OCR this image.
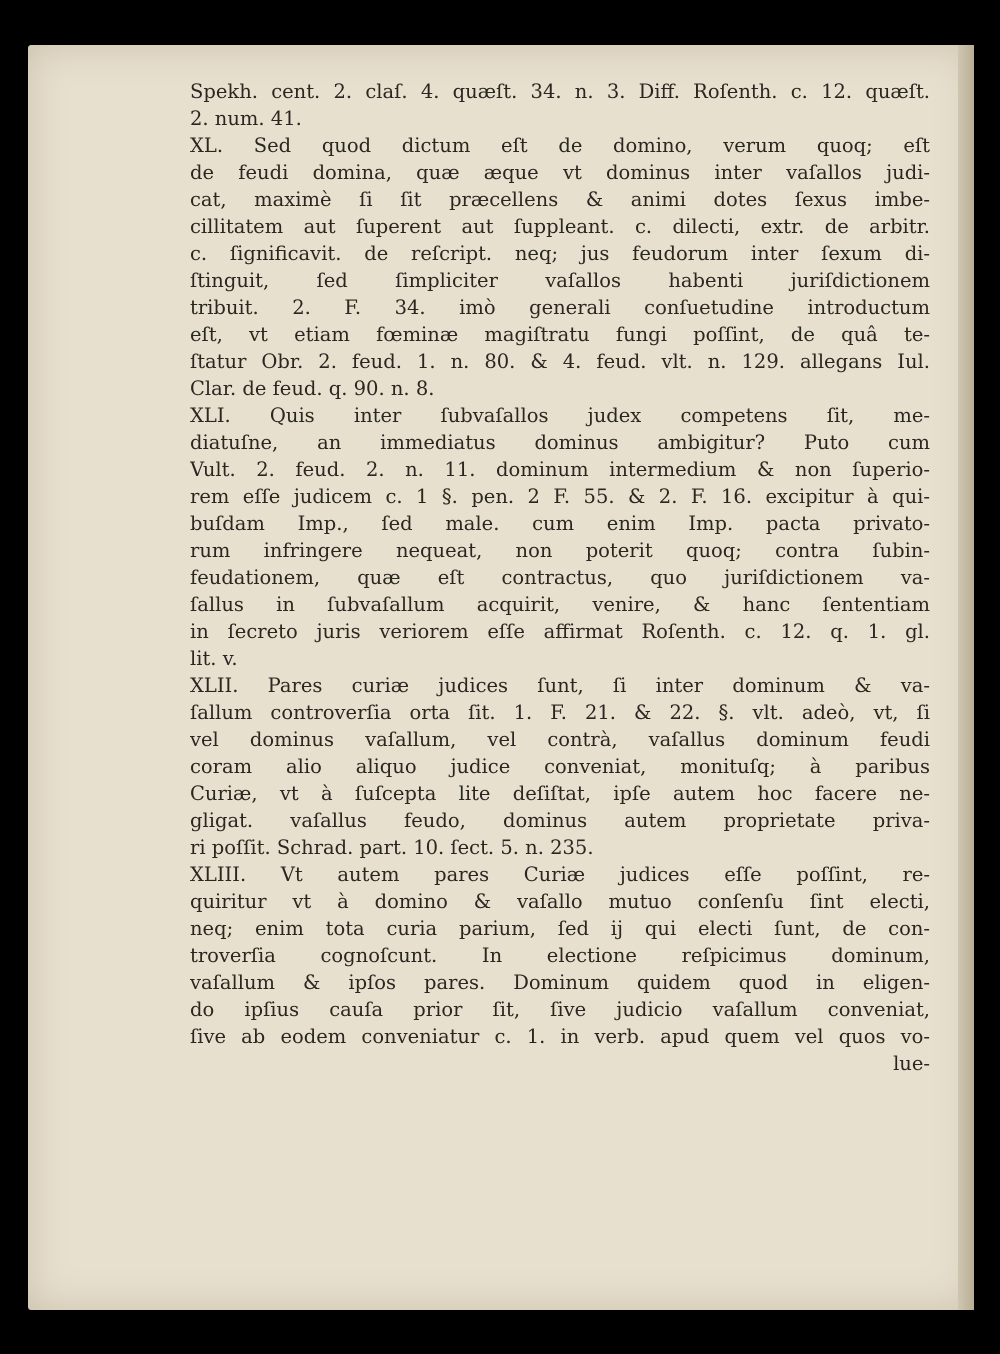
Spekh. cent. 2. claſ. 4. quæſt. 34. n. 3. Diff. Roſenth. c. 12. quæſt.
2. num. 41.
XL. Sed quod dictum eſt de domino, verum quoq; eſt
de feudi domina, quæ æque vt dominus inter vaſallos judi-
cat, maximè ſi ſit præcellens & animi dotes ſexus imbe-
cillitatem aut ſuperent aut ſuppleant. c. dilecti, extr. de arbitr.
c. ſignificavit. de reſcript. neq; jus feudorum inter ſexum di-
ſtinguit, ſed ſimpliciter vaſallos habenti juriſdictionem
tribuit. 2. F. 34. imò generali conſuetudine introductum
eſt, vt etiam fœminæ magiſtratu fungi poſſint, de quâ te-
ſtatur Obr. 2. feud. 1. n. 80. & 4. feud. vlt. n. 129. allegans Iul.
Clar. de feud. q. 90. n. 8.
XLI. Quis inter ſubvaſallos judex competens ſit, me-
diatuſne, an immediatus dominus ambigitur? Puto cum
Vult. 2. feud. 2. n. 11. dominum intermedium & non ſuperio-
rem eſſe judicem c. 1 §. pen. 2 F. 55. & 2. F. 16. excipitur à qui-
buſdam Imp., ſed male. cum enim Imp. pacta privato-
rum infringere nequeat, non poterit quoq; contra ſubin-
feudationem, quæ eſt contractus, quo juriſdictionem va-
ſallus in ſubvaſallum acquirit, venire, & hanc ſententiam
in ſecreto juris veriorem eſſe affirmat Roſenth. c. 12. q. 1. gl.
lit. v.
XLII. Pares curiæ judices ſunt, ſi inter dominum & va-
ſallum controverſia orta ſit. 1. F. 21. & 22. §. vlt. adeò, vt, ſi
vel dominus vaſallum, vel contrà, vaſallus dominum feudi
coram alio aliquo judice conveniat, monituſq; à paribus
Curiæ, vt à ſuſcepta lite deſiſtat, ipſe autem hoc facere ne-
gligat. vaſallus feudo, dominus autem proprietate priva-
ri poſſit. Schrad. part. 10. ſect. 5. n. 235.
XLIII. Vt autem pares Curiæ judices eſſe poſſint, re-
quiritur vt à domino & vaſallo mutuo conſenſu ſint electi,
neq; enim tota curia parium, ſed ij qui electi ſunt, de con-
troverſia cognoſcunt. In electione reſpicimus dominum,
vaſallum & ipſos pares. Dominum quidem quod in eligen-
do ipſius cauſa prior ſit, ſive judicio vaſallum conveniat,
ſive ab eodem conveniatur c. 1. in verb. apud quem vel quos vo-
lue-
